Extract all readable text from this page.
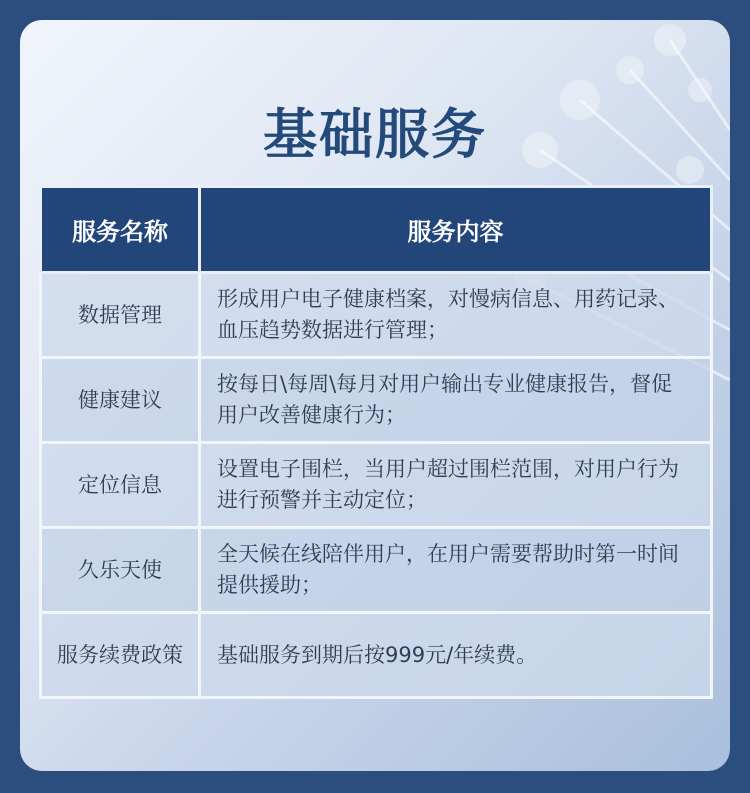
基础服务
服务名称	服务内容
数据管理	形成用户电子健康档案，对慢病信息、用药记录、血压趋势数据进行管理；
健康建议	按每日\每周\每月对用户输出专业健康报告，督促用户改善健康行为；
定位信息	设置电子围栏，当用户超过围栏范围，对用户行为进行预警并主动定位；
久乐天使	全天候在线陪伴用户，在用户需要帮助时第一时间提供援助；
服务续费政策	基础服务到期后按999元/年续费。
